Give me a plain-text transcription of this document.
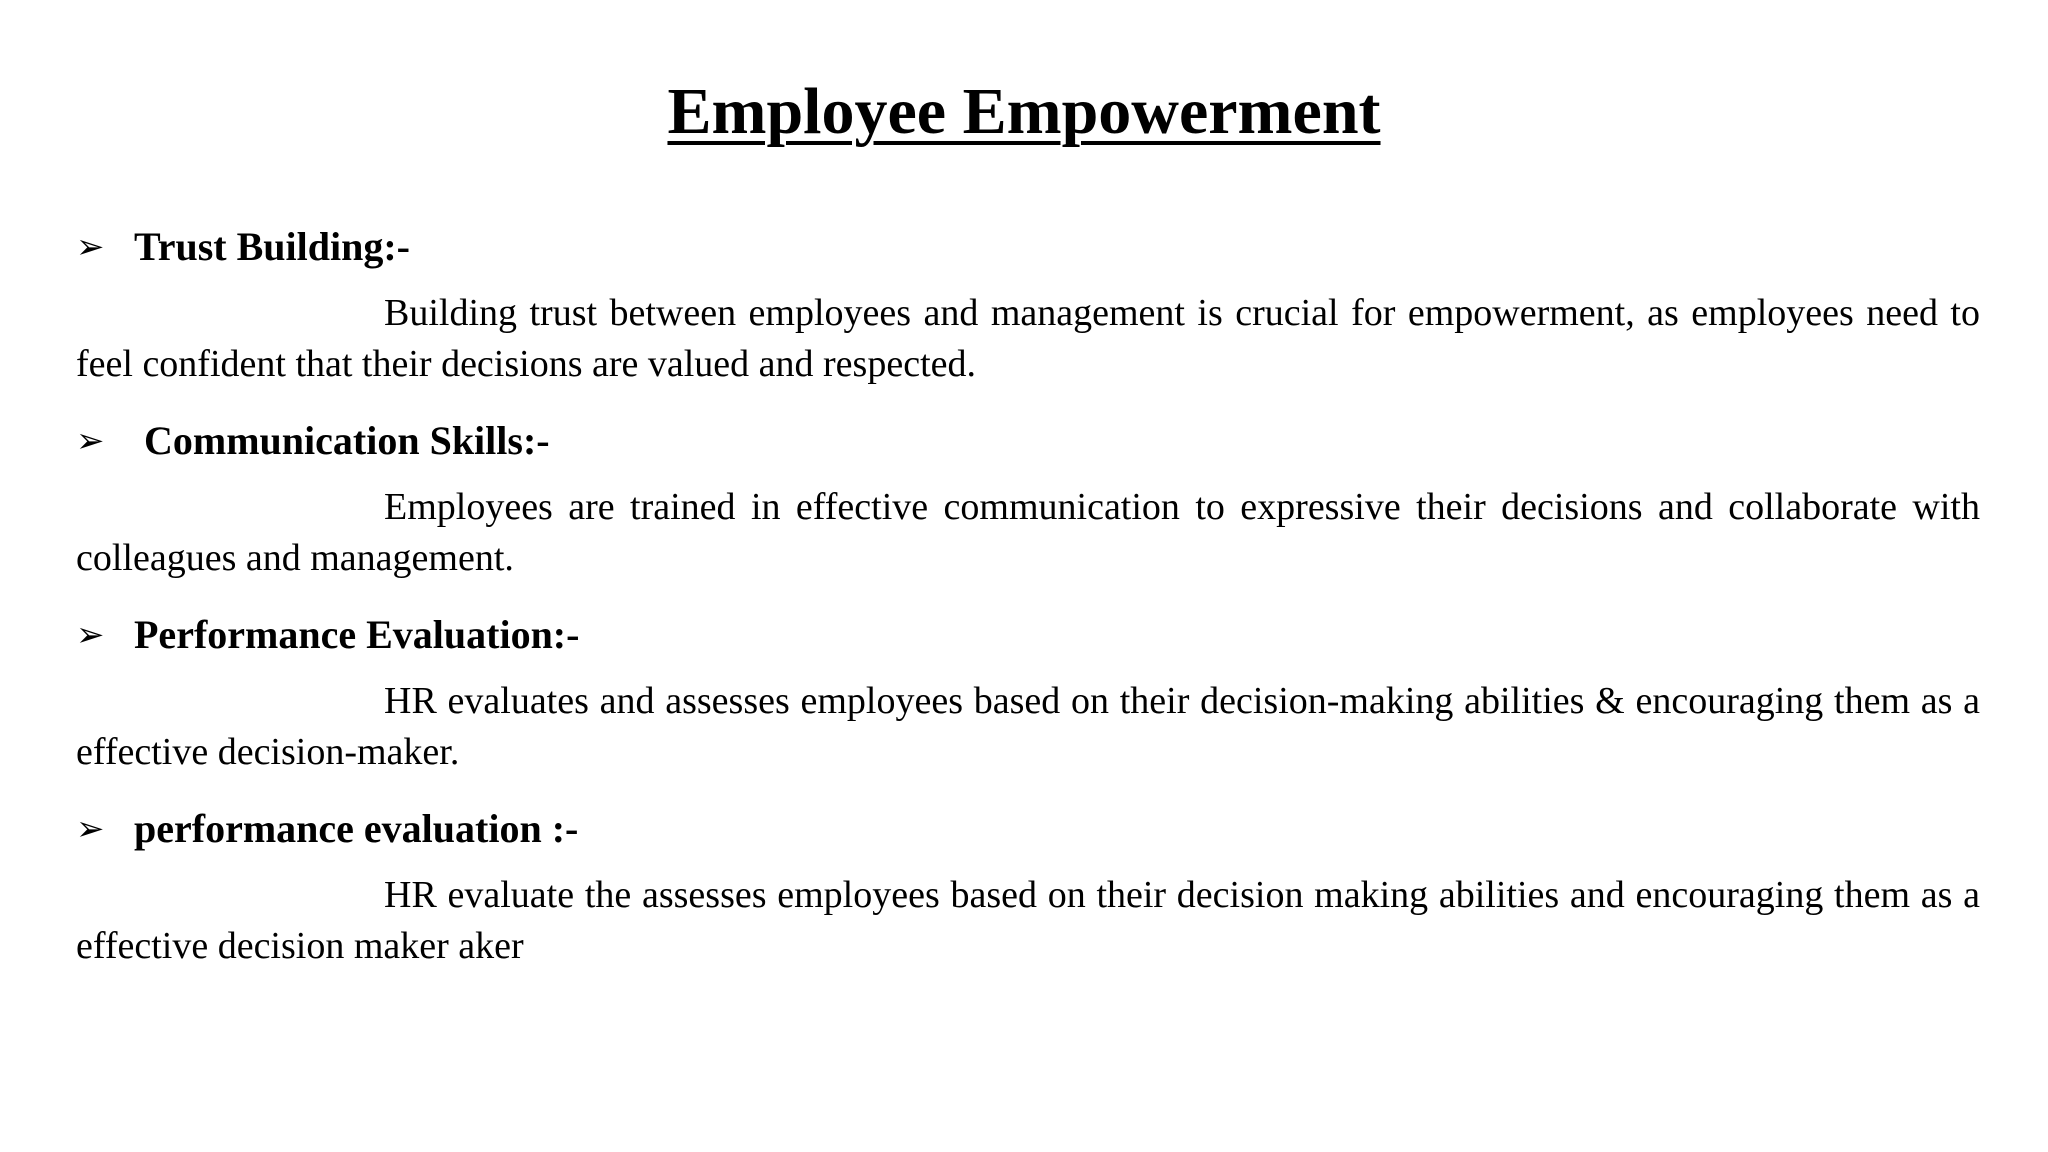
Employee Empowerment
➢ Trust Building:-

Building trust between employees and management is crucial for empowerment, as employees need to feel confident that their decisions are valued and respected.

➢ Communication Skills:-

Employees are trained in effective communication to expressive their decisions and collaborate with colleagues and management.

➢ Performance Evaluation:-

HR evaluates and assesses employees based on their decision-making abilities & encouraging them as a effective decision-maker.

➢ performance evaluation :-

HR evaluate the assesses employees based on their decision making abilities and encouraging them as a effective decision maker aker
